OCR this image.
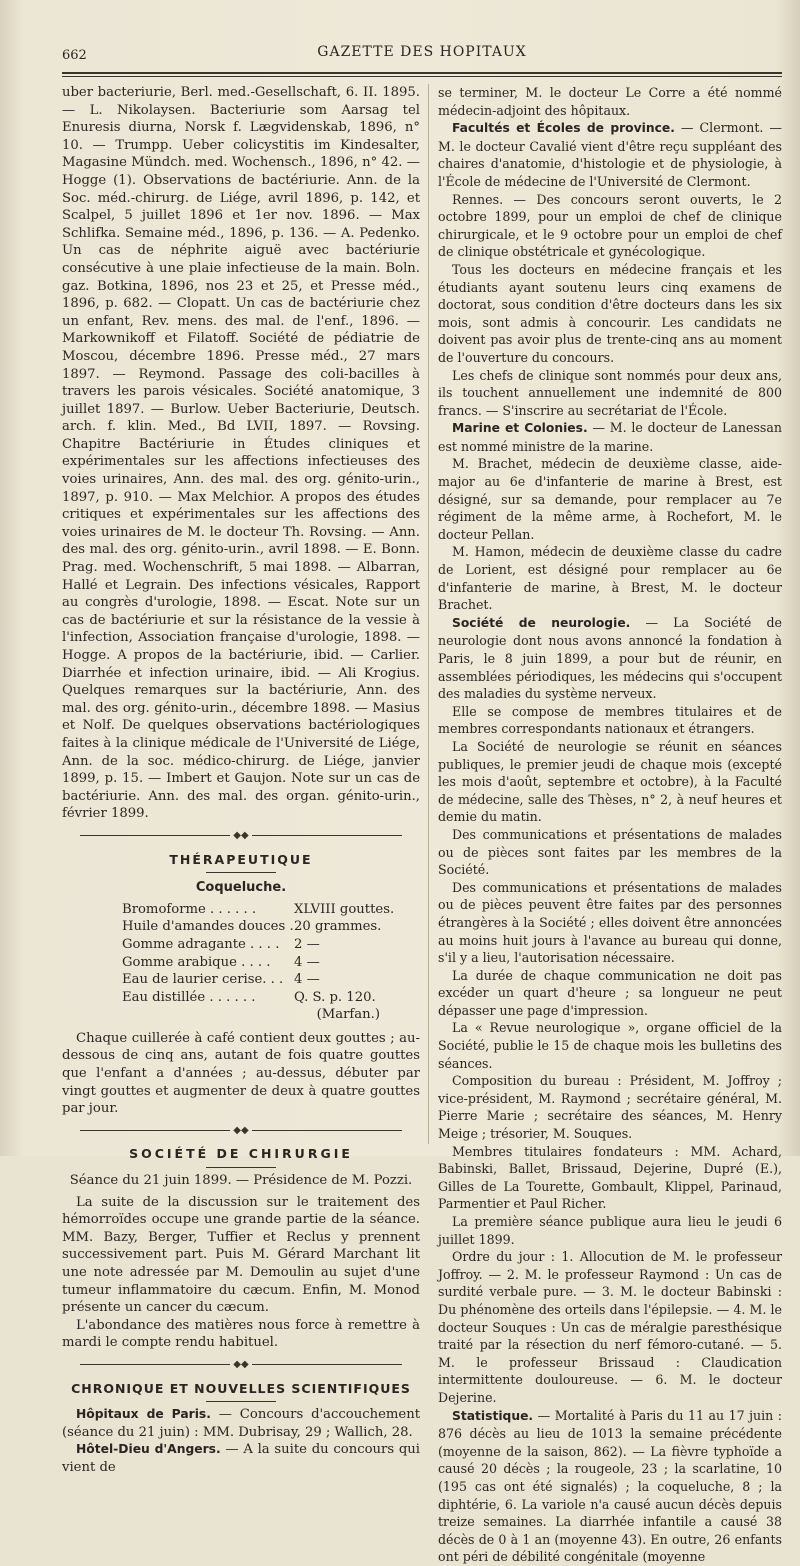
662	GAZETTE DES HOPITAUX

uber bacteriurie, Berl. med.-Gesellschaft, 6. II. 1895. — L. Nikolaysen. Bacteriurie som Aarsag tel Enuresis diurna, Norsk f. Lægvidenskab, 1896, n° 10. — Trumpp. Ueber colicystitis im Kindesalter, Magasine Mündch. med. Wochensch., 1896, n° 42. — Hogge (1). Observations de bactériurie. Ann. de la Soc. méd.-chirurg. de Liége, avril 1896, p. 142, et Scalpel, 5 juillet 1896 et 1er nov. 1896. — Max Schlifka. Semaine méd., 1896, p. 136. — A. Pedenko. Un cas de néphrite aiguë avec bactériurie consécutive à une plaie infectieuse de la main. Boln. gaz. Botkina, 1896, nos 23 et 25, et Presse méd., 1896, p. 682. — Clopatt. Un cas de bactériurie chez un enfant, Rev. mens. des mal. de l'enf., 1896. — Markownikoff et Filatoff. Société de pédiatrie de Moscou, décembre 1896. Presse méd., 27 mars 1897. — Reymond. Passage des coli-bacilles à travers les parois vésicales. Société anatomique, 3 juillet 1897. — Burlow. Ueber Bacteriurie, Deutsch. arch. f. klin. Med., Bd LVII, 1897. — Rovsing. Chapitre Bactériurie in Études cliniques et expérimentales sur les affections infectieuses des voies urinaires, Ann. des mal. des org. génito-urin., 1897, p. 910. — Max Melchior. A propos des études critiques et expérimentales sur les affections des voies urinaires de M. le docteur Th. Rovsing. — Ann. des mal. des org. génito-urin., avril 1898. — E. Bonn. Prag. med. Wochenschrift, 5 mai 1898. — Albarran, Hallé et Legrain. Des infections vésicales, Rapport au congrès d'urologie, 1898. — Escat. Note sur un cas de bactériurie et sur la résistance de la vessie à l'infection, Association française d'urologie, 1898. — Hogge. A propos de la bactériurie, ibid. — Carlier. Diarrhée et infection urinaire, ibid. — Ali Krogius. Quelques remarques sur la bactériurie, Ann. des mal. des org. génito-urin., décembre 1898. — Masius et Nolf. De quelques observations bactériologiques faites à la clinique médicale de l'Université de Liége, Ann. de la soc. médico-chirurg. de Liége, janvier 1899, p. 15. — Imbert et Gaujon. Note sur un cas de bactériurie. Ann. des mal. des organ. génito-urin., février 1899.

◆◆
THÉRAPEUTIQUE
Coqueluche.
Bromoforme . . . . . .	XLVIII gouttes.
Huile d'amandes douces . 20 grammes.
Gomme adragante . . . .	2 —
Gomme arabique . . . .	4 —
Eau de laurier cerise. . . 4 —
Eau distillée . . . . . .	Q. S. p. 120.
(Marfan.)

Chaque cuillerée à café contient deux gouttes ; au-dessous de cinq ans, autant de fois quatre gouttes que l'enfant a d'années ; au-dessus, débuter par vingt gouttes et augmenter de deux à quatre gouttes par jour.

◆◆
SOCIÉTÉ DE CHIRURGIE
Séance du 21 juin 1899. — Présidence de M. Pozzi.

La suite de la discussion sur le traitement des hémorroïdes occupe une grande partie de la séance. MM. Bazy, Berger, Tuffier et Reclus y prennent successivement part. Puis M. Gérard Marchant lit une note adressée par M. Demoulin au sujet d'une tumeur inflammatoire du cæcum. Enfin, M. Monod présente un cancer du cæcum.

L'abondance des matières nous force à remettre à mardi le compte rendu habituel.

◆◆
CHRONIQUE ET NOUVELLES SCIENTIFIQUES

Hôpitaux de Paris. — Concours d'accouchement (séance du 21 juin) : MM. Dubrisay, 29 ; Wallich, 28.

Hôtel-Dieu d'Angers. — A la suite du concours qui vient de

se terminer, M. le docteur Le Corre a été nommé médecin-adjoint des hôpitaux.

Facultés et Écoles de province. — Clermont. — M. le docteur Cavalié vient d'être reçu suppléant des chaires d'anatomie, d'histologie et de physiologie, à l'École de médecine de l'Université de Clermont.

Rennes. — Des concours seront ouverts, le 2 octobre 1899, pour un emploi de chef de clinique chirurgicale, et le 9 octobre pour un emploi de chef de clinique obstétricale et gynécologique.

Tous les docteurs en médecine français et les étudiants ayant soutenu leurs cinq examens de doctorat, sous condition d'être docteurs dans les six mois, sont admis à concourir. Les candidats ne doivent pas avoir plus de trente-cinq ans au moment de l'ouverture du concours.

Les chefs de clinique sont nommés pour deux ans, ils touchent annuellement une indemnité de 800 francs. — S'inscrire au secrétariat de l'École.

Marine et Colonies. — M. le docteur de Lanessan est nommé ministre de la marine.

M. Brachet, médecin de deuxième classe, aide-major au 6e d'infanterie de marine à Brest, est désigné, sur sa demande, pour remplacer au 7e régiment de la même arme, à Rochefort, M. le docteur Pellan.

M. Hamon, médecin de deuxième classe du cadre de Lorient, est désigné pour remplacer au 6e d'infanterie de marine, à Brest, M. le docteur Brachet.

Société de neurologie. — La Société de neurologie dont nous avons annoncé la fondation à Paris, le 8 juin 1899, a pour but de réunir, en assemblées périodiques, les médecins qui s'occupent des maladies du système nerveux.

Elle se compose de membres titulaires et de membres correspondants nationaux et étrangers.

La Société de neurologie se réunit en séances publiques, le premier jeudi de chaque mois (excepté les mois d'août, septembre et octobre), à la Faculté de médecine, salle des Thèses, n° 2, à neuf heures et demie du matin.

Des communications et présentations de malades ou de pièces sont faites par les membres de la Société.

Des communications et présentations de malades ou de pièces peuvent être faites par des personnes étrangères à la Société ; elles doivent être annoncées au moins huit jours à l'avance au bureau qui donne, s'il y a lieu, l'autorisation nécessaire.

La durée de chaque communication ne doit pas excéder un quart d'heure ; sa longueur ne peut dépasser une page d'impression.

La « Revue neurologique », organe officiel de la Société, publie le 15 de chaque mois les bulletins des séances.

Composition du bureau : Président, M. Joffroy ; vice-président, M. Raymond ; secrétaire général, M. Pierre Marie ; secrétaire des séances, M. Henry Meige ; trésorier, M. Souques.

Membres titulaires fondateurs : MM. Achard, Babinski, Ballet, Brissaud, Dejerine, Dupré (E.), Gilles de La Tourette, Gombault, Klippel, Parinaud, Parmentier et Paul Richer.

La première séance publique aura lieu le jeudi 6 juillet 1899.

Ordre du jour : 1. Allocution de M. le professeur Joffroy. — 2. M. le professeur Raymond : Un cas de surdité verbale pure. — 3. M. le docteur Babinski : Du phénomène des orteils dans l'épilepsie. — 4. M. le docteur Souques : Un cas de méralgie paresthésique traité par la résection du nerf fémoro-cutané. — 5. M. le professeur Brissaud : Claudication intermittente douloureuse. — 6. M. le docteur Dejerine.

Statistique. — Mortalité à Paris du 11 au 17 juin : 876 décès au lieu de 1013 la semaine précédente (moyenne de la saison, 862). — La fièvre typhoïde a causé 20 décès ; la rougeole, 23 ; la scarlatine, 10 (195 cas ont été signalés) ; la coqueluche, 8 ; la diphtérie, 6. La variole n'a causé aucun décès depuis treize semaines. La diarrhée infantile a causé 38 décès de 0 à 1 an (moyenne 43). En outre, 26 enfants ont péri de débilité congénitale (moyenne
